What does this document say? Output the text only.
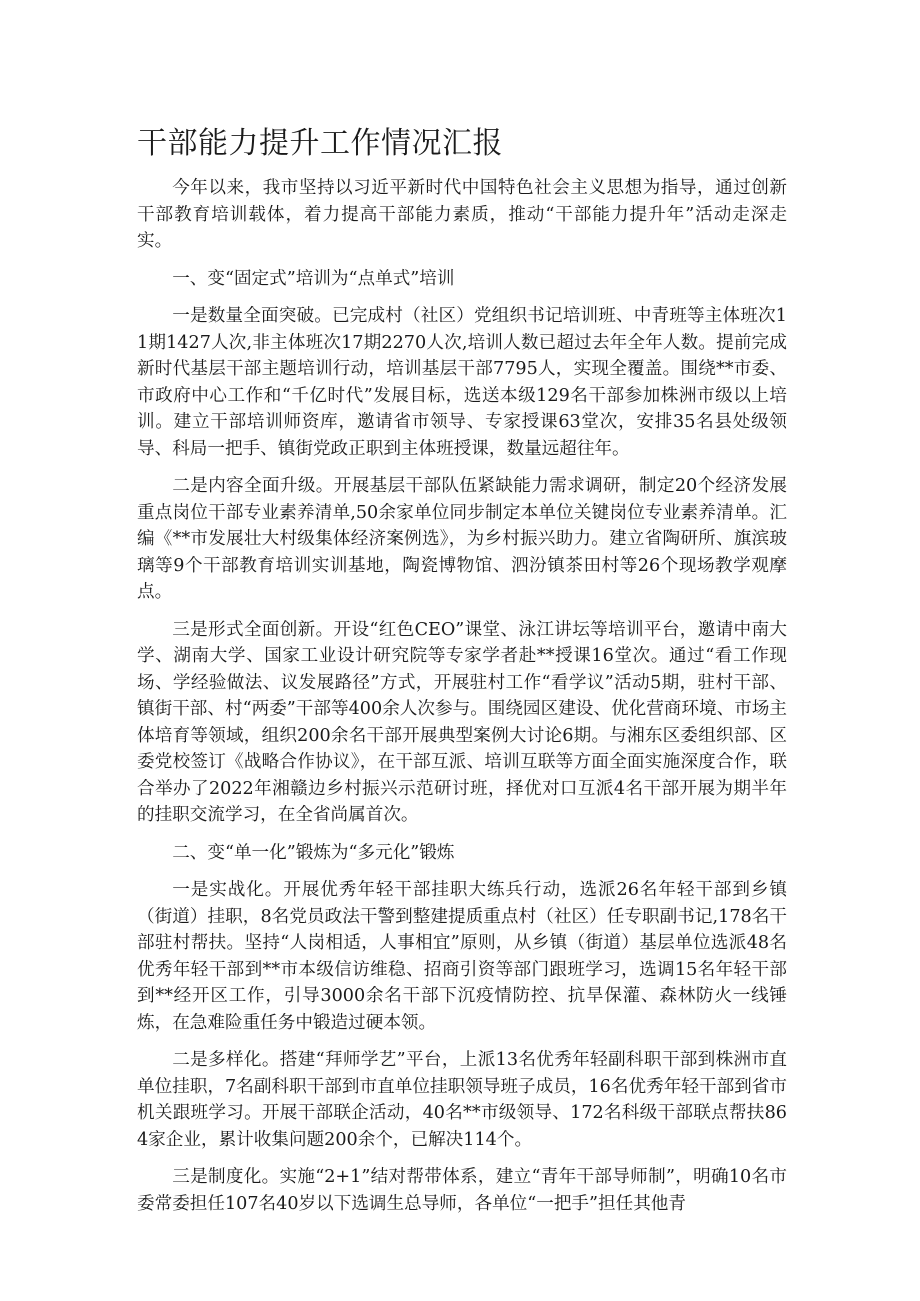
干部能力提升工作情况汇报

今年以来，我市坚持以习近平新时代中国特色社会主义思想为指导，通过创新干部教育培训载体，着力提高干部能力素质，推动“干部能力提升年”活动走深走实。

一、变“固定式”培训为“点单式”培训

一是数量全面突破。已完成村（社区）党组织书记培训班、中青班等主体班次11期1427人次,非主体班次17期2270人次,培训人数已超过去年全年人数。提前完成新时代基层干部主题培训行动，培训基层干部7795人，实现全覆盖。围绕**市委、市政府中心工作和“千亿时代”发展目标，选送本级129名干部参加株洲市级以上培训。建立干部培训师资库，邀请省市领导、专家授课63堂次，安排35名县处级领导、科局一把手、镇街党政正职到主体班授课，数量远超往年。

二是内容全面升级。开展基层干部队伍紧缺能力需求调研，制定20个经济发展重点岗位干部专业素养清单,50余家单位同步制定本单位关键岗位专业素养清单。汇编《**市发展壮大村级集体经济案例选》，为乡村振兴助力。建立省陶研所、旗滨玻璃等9个干部教育培训实训基地，陶瓷博物馆、泗汾镇茶田村等26个现场教学观摩点。

三是形式全面创新。开设“红色CEO”课堂、泳江讲坛等培训平台，邀请中南大学、湖南大学、国家工业设计研究院等专家学者赴**授课16堂次。通过“看工作现场、学经验做法、议发展路径”方式，开展驻村工作“看学议”活动5期，驻村干部、镇街干部、村“两委”干部等400余人次参与。围绕园区建设、优化营商环境、市场主体培育等领域，组织200余名干部开展典型案例大讨论6期。与湘东区委组织部、区委党校签订《战略合作协议》，在干部互派、培训互联等方面全面实施深度合作，联合举办了2022年湘赣边乡村振兴示范研讨班，择优对口互派4名干部开展为期半年的挂职交流学习，在全省尚属首次。

二、变“单一化”锻炼为“多元化”锻炼

一是实战化。开展优秀年轻干部挂职大练兵行动，选派26名年轻干部到乡镇（街道）挂职，8名党员政法干警到整建提质重点村（社区）任专职副书记,178名干部驻村帮扶。坚持“人岗相适，人事相宜”原则，从乡镇（街道）基层单位选派48名优秀年轻干部到**市本级信访维稳、招商引资等部门跟班学习，选调15名年轻干部到**经开区工作，引导3000余名干部下沉疫情防控、抗旱保灌、森林防火一线锤炼，在急难险重任务中锻造过硬本领。

二是多样化。搭建“拜师学艺”平台，上派13名优秀年轻副科职干部到株洲市直单位挂职，7名副科职干部到市直单位挂职领导班子成员，16名优秀年轻干部到省市机关跟班学习。开展干部联企活动，40名**市级领导、172名科级干部联点帮扶864家企业，累计收集问题200余个，已解决114个。

三是制度化。实施“2+1”结对帮带体系，建立“青年干部导师制”，明确10名市委常委担任107名40岁以下选调生总导师，各单位“一把手”担任其他青
